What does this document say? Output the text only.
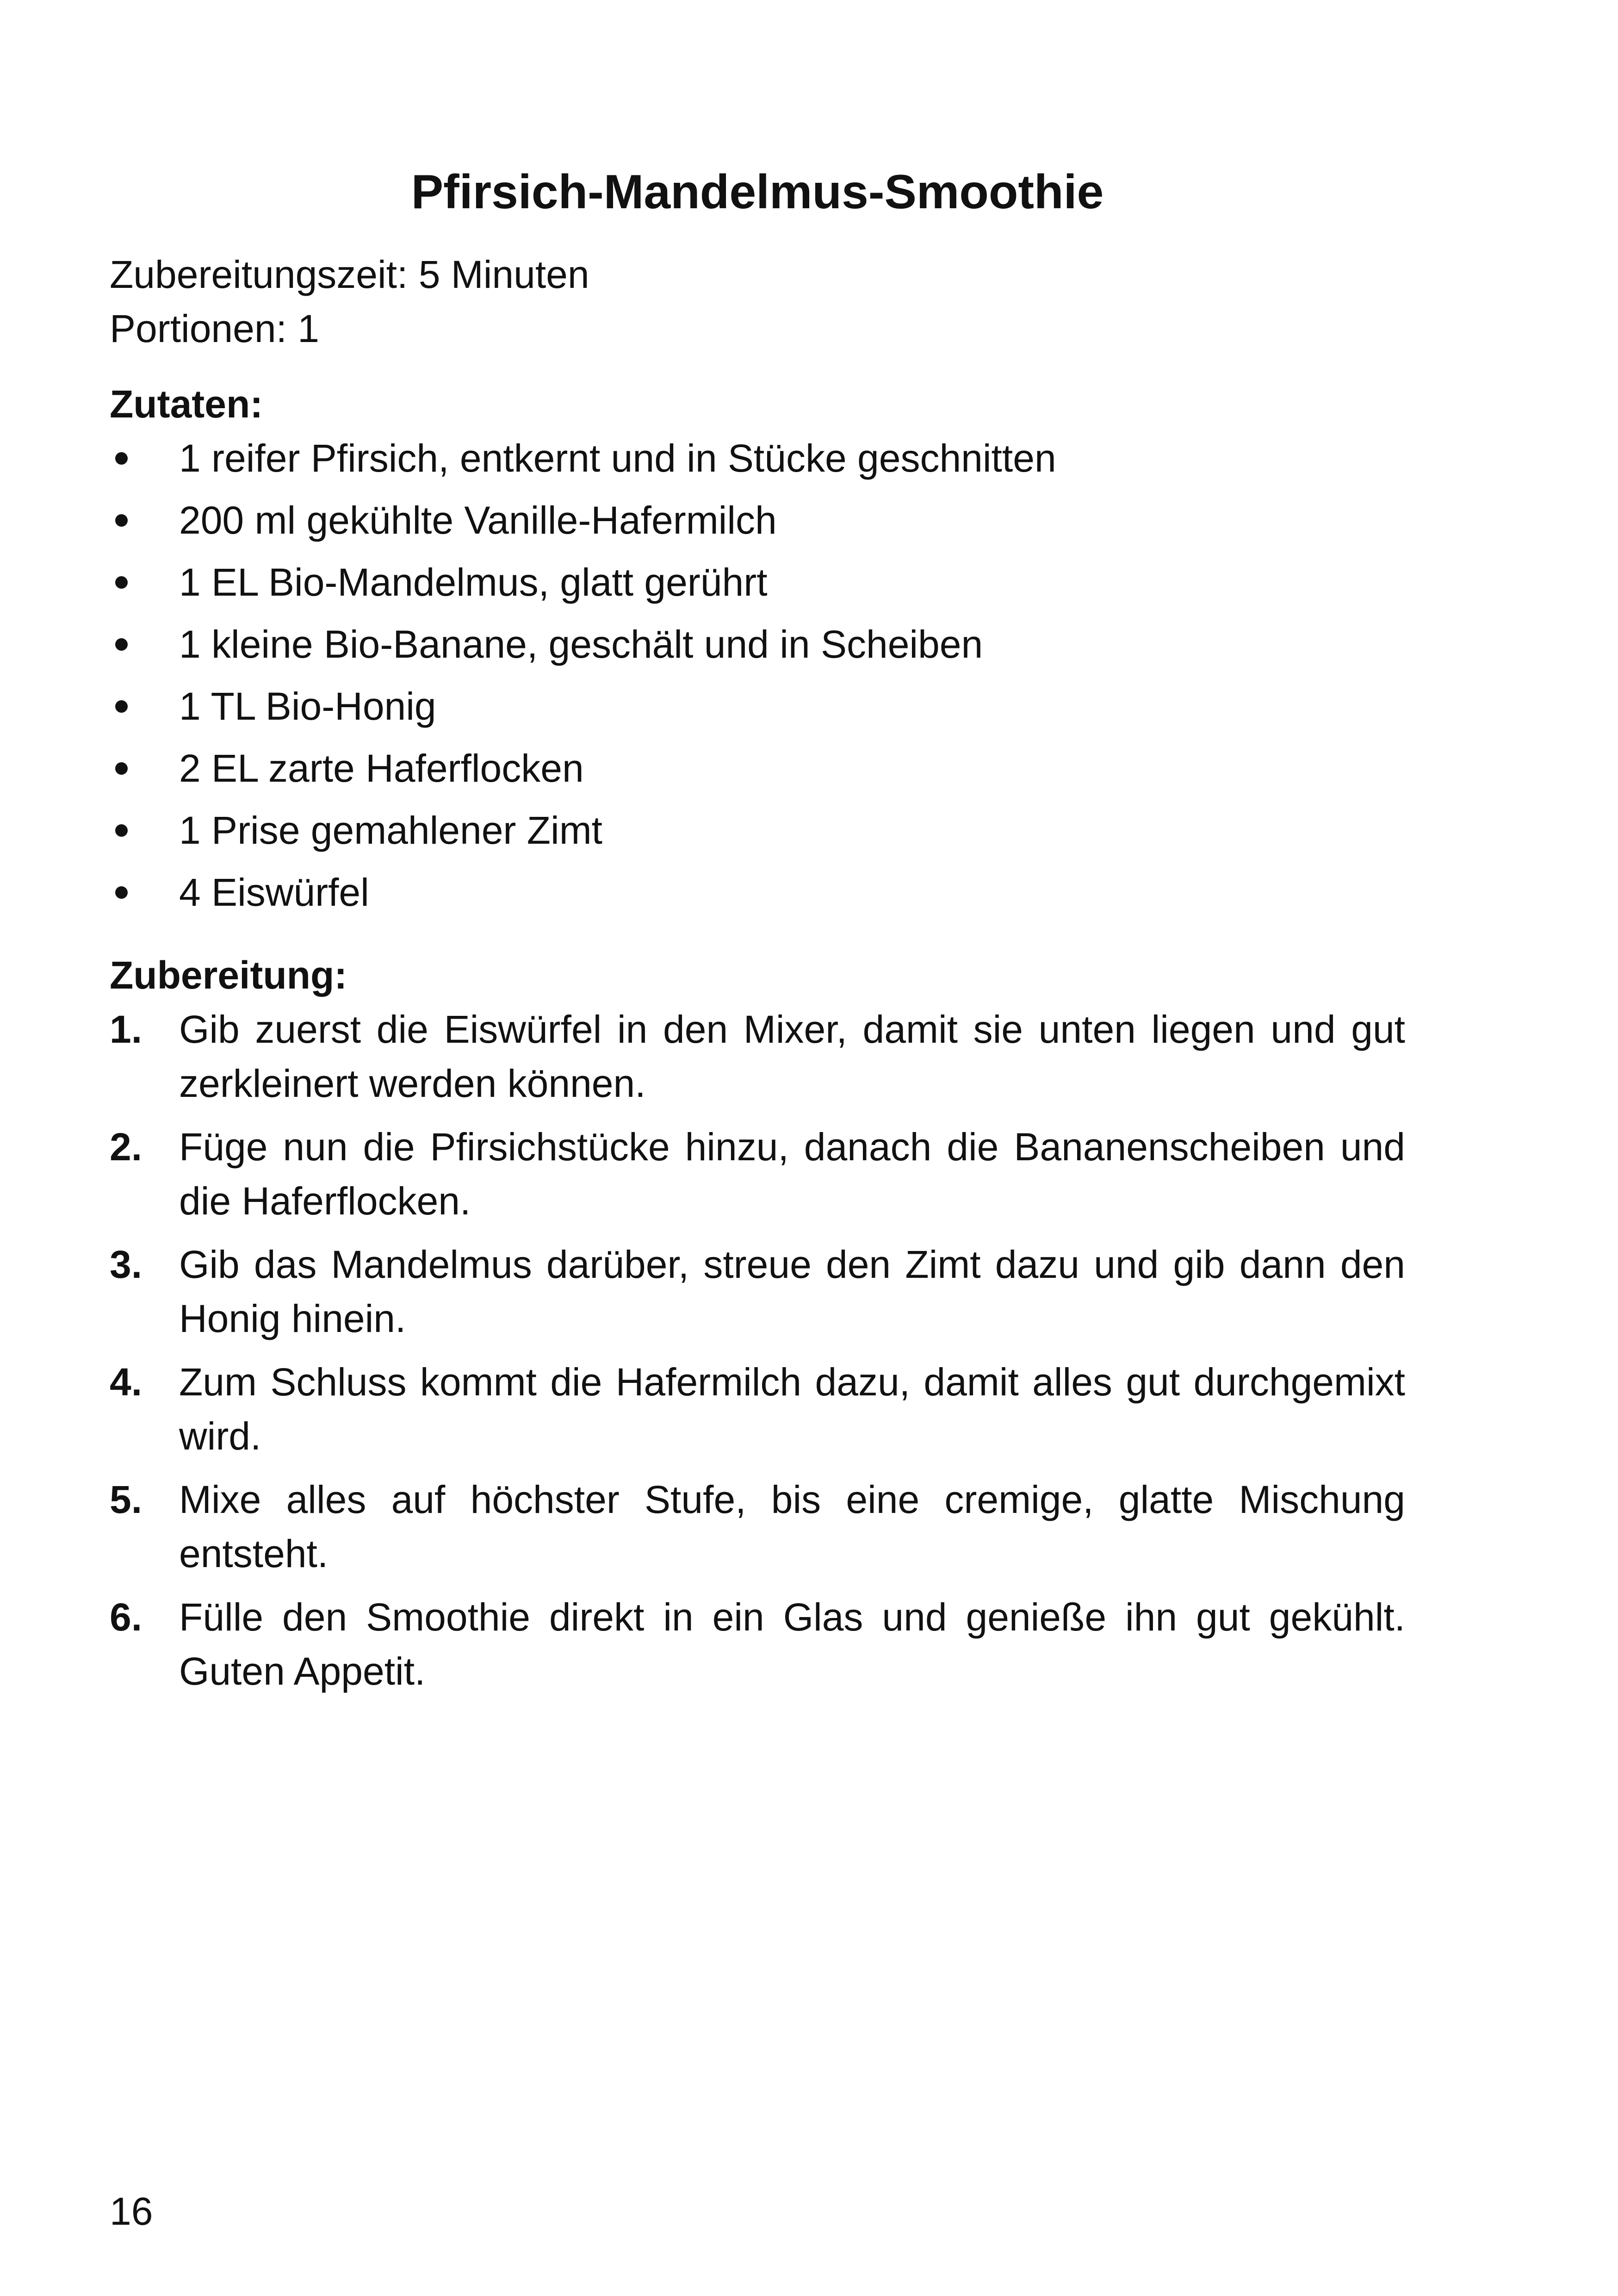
Pfirsich-Mandelmus-Smoothie

Zubereitungszeit: 5 Minuten

Portionen: 1

Zutaten:

1 reifer Pfirsich, entkernt und in Stücke geschnitten
200 ml gekühlte Vanille-Hafermilch
1 EL Bio-Mandelmus, glatt gerührt
1 kleine Bio-Banane, geschält und in Scheiben
1 TL Bio-Honig
2 EL zarte Haferflocken
1 Prise gemahlener Zimt
4 Eiswürfel

Zubereitung:

1. Gib zuerst die Eiswürfel in den Mixer, damit sie unten liegen und gut zerkleinert werden können.
2. Füge nun die Pfirsichstücke hinzu, danach die Bananenscheiben und die Haferflocken.
3. Gib das Mandelmus darüber, streue den Zimt dazu und gib dann den Honig hinein.
4. Zum Schluss kommt die Hafermilch dazu, damit alles gut durchgemixt wird.
5. Mixe alles auf höchster Stufe, bis eine cremige, glatte Mischung entsteht.
6. Fülle den Smoothie direkt in ein Glas und genieße ihn gut gekühlt. Guten Appetit.
16
